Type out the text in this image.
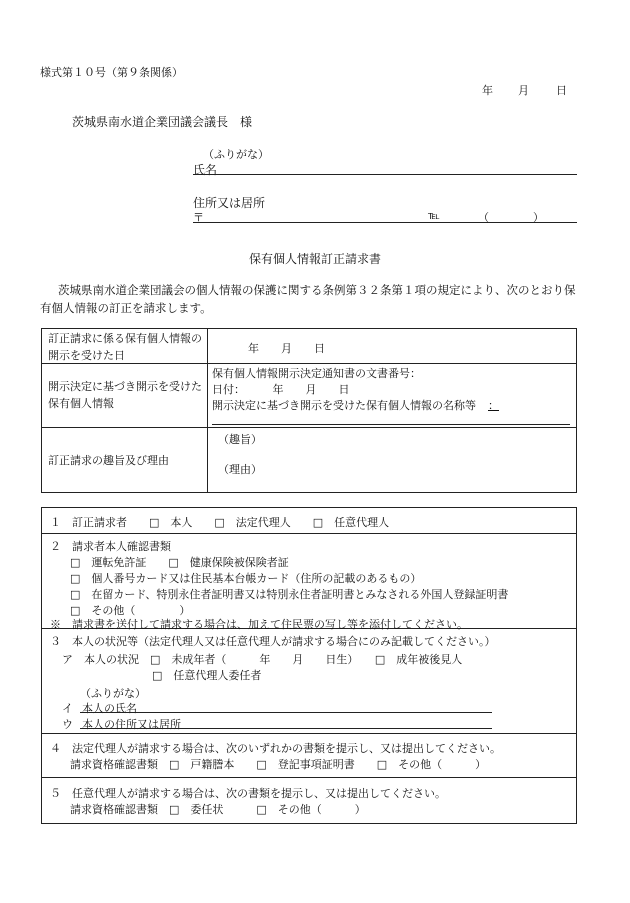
様式第１０号（第９条関係）
年 月 日
茨城県南水道企業団議会議長　様
（ふりがな）
氏名
住所又は居所
〒	℡	（　　　　）
保有個人情報訂正請求書
茨城県南水道企業団議会の個人情報の保護に関する条例第３２条第１項の規定により、次のとおり保有個人情報の訂正を請求します。
訂正請求に係る保有個人情報の開示を受けた日
年　　月　　日
開示決定に基づき開示を受けた保有個人情報
保有個人情報開示決定通知書の文書番号：
日付：　　　年　　月　　日
開示決定に基づき開示を受けた保有個人情報の名称等 ：
訂正請求の趣旨及び理由
（趣旨）
（理由）
１　訂正請求者　　□　本人　　□　法定代理人　　□　任意代理人
２　請求者本人確認書類
□　運転免許証　　□　健康保険被保険者証
□　個人番号カード又は住民基本台帳カード（住所の記載のあるもの）
□　在留カード、特別永住者証明書又は特別永住者証明書とみなされる外国人登録証明書
□　その他（　　　　）
※　請求書を送付して請求する場合は、加えて住民票の写し等を添付してください。
３　本人の状況等（法定代理人又は任意代理人が請求する場合にのみ記載してください。）
ア　本人の状況　□　未成年者（　　　年　　月　　日生）　　□　成年被後見人
□　任意代理人委任者
（ふりがな）
イ 本人の氏名
ウ 本人の住所又は居所
４　法定代理人が請求する場合は、次のいずれかの書類を提示し、又は提出してください。
請求資格確認書類　□　戸籍謄本　　□　登記事項証明書　　□　その他（　　　）
５　任意代理人が請求する場合は、次の書類を提示し、又は提出してください。
請求資格確認書類　□　委任状　　　□　その他（　　　）
